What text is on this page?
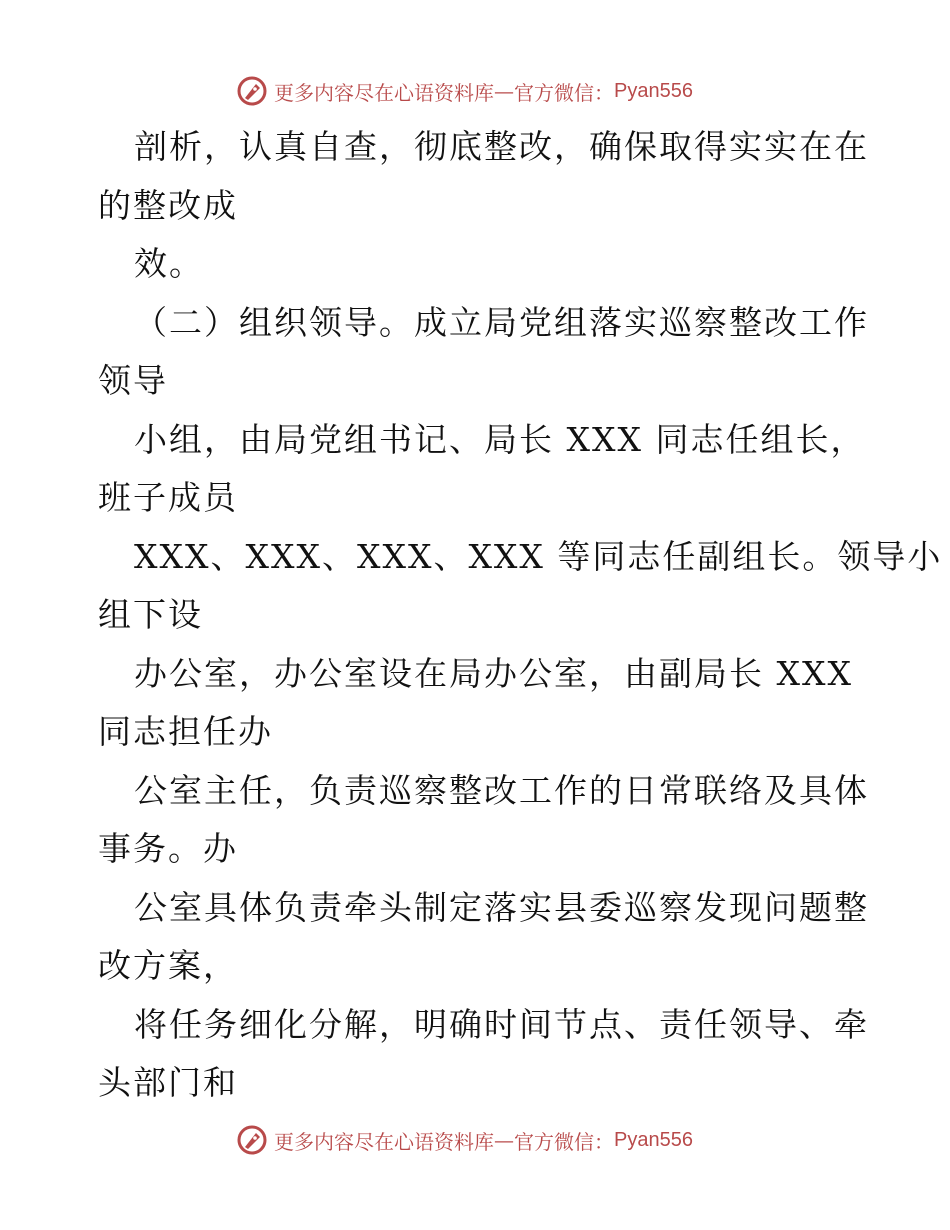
更多内容尽在心语资料库 — 官方微信： Pyan556
剖析，认真自查，彻底整改，确保取得实实在在
的整改成
效。
（二）组织领导。成立局党组落实巡察整改工作
领导
小组，由局党组书记、局长 XXX 同志任组长，
班子成员
XXX、XXX、XXX、XXX 等同志任副组长。领导小
组下设
办公室，办公室设在局办公室，由副局长 XXX
同志担任办
公室主任，负责巡察整改工作的日常联络及具体
事务。办
公室具体负责牵头制定落实县委巡察发现问题整
改方案，
将任务细化分解，明确时间节点、责任领导、牵
头部门和
更多内容尽在心语资料库 — 官方微信： Pyan556
